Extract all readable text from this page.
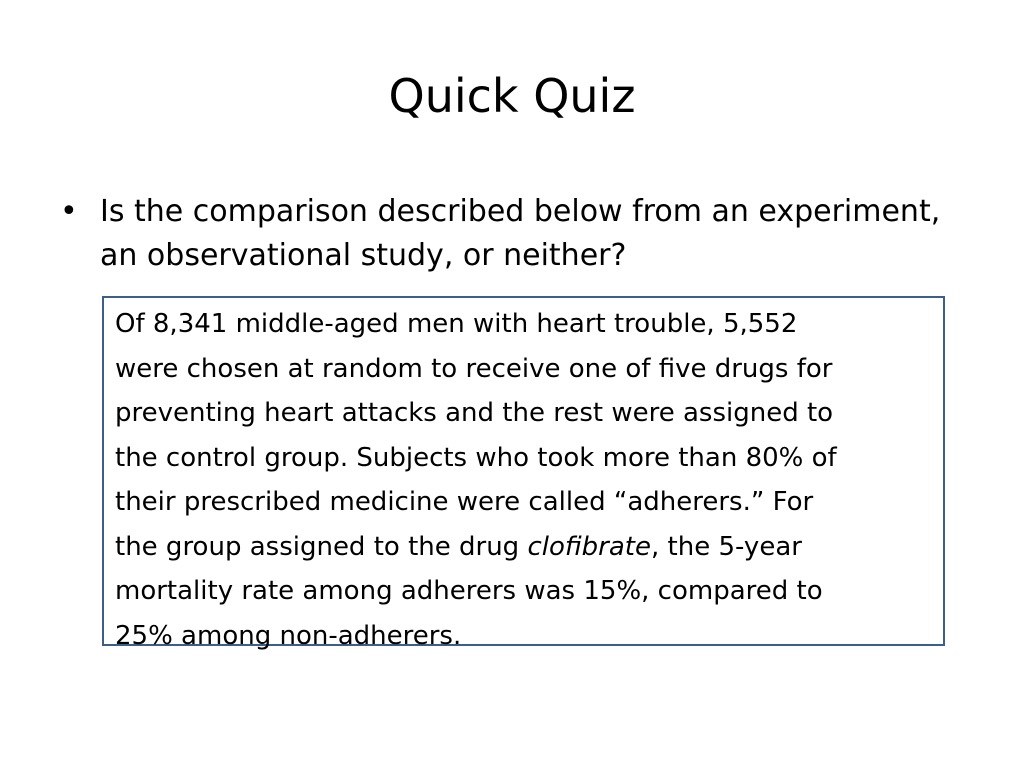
Quick Quiz
• Is the comparison described below from an experiment, an observational study, or neither?

Of 8,341 middle-aged men with heart trouble, 5,552
were chosen at random to receive one of five drugs for
preventing heart attacks and the rest were assigned to
the control group. Subjects who took more than 80% of
their prescribed medicine were called “adherers.” For
the group assigned to the drug clofibrate, the 5-year
mortality rate among adherers was 15%, compared to
25% among non-adherers.
